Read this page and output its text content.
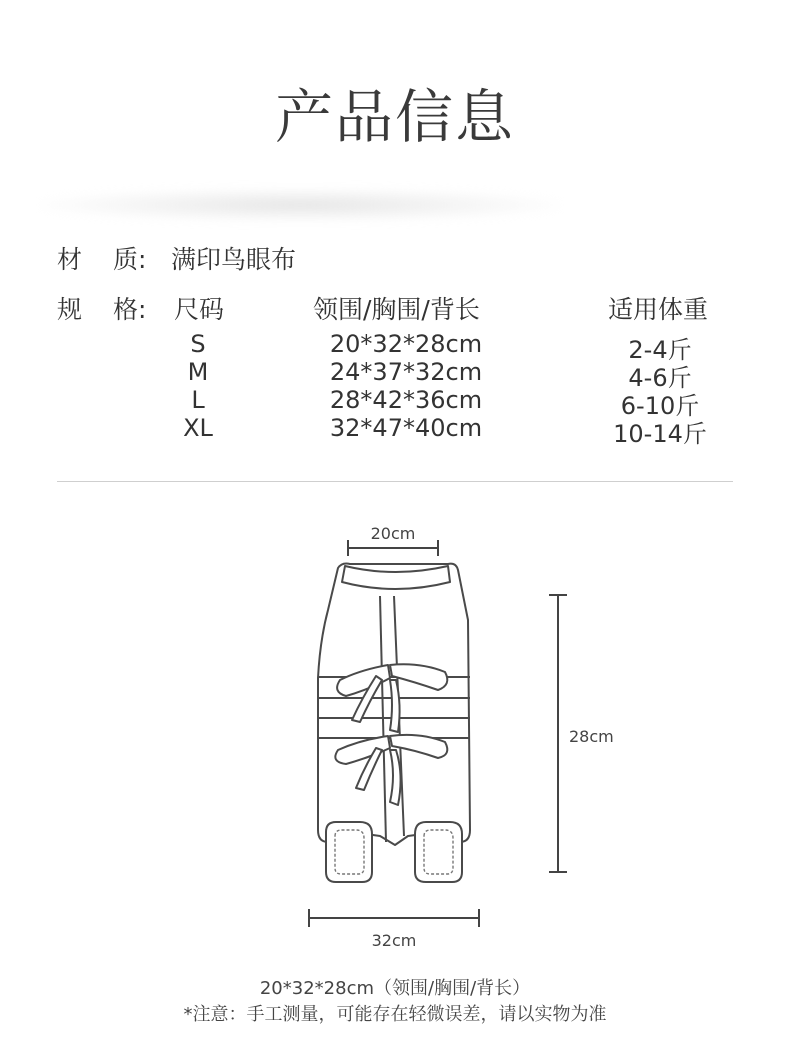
产品信息
材 质: 满印鸟眼布
规 格: 尺码	领围/胸围/背长	适用体重
S	20*32*28cm	2-4斤
M	24*37*32cm	4-6斤
L	28*42*36cm	6-10斤
XL	32*47*40cm	10-14斤
20cm
28cm
32cm
20*32*28cm（领围/胸围/背长）
*注意：手工测量，可能存在轻微误差，请以实物为准
